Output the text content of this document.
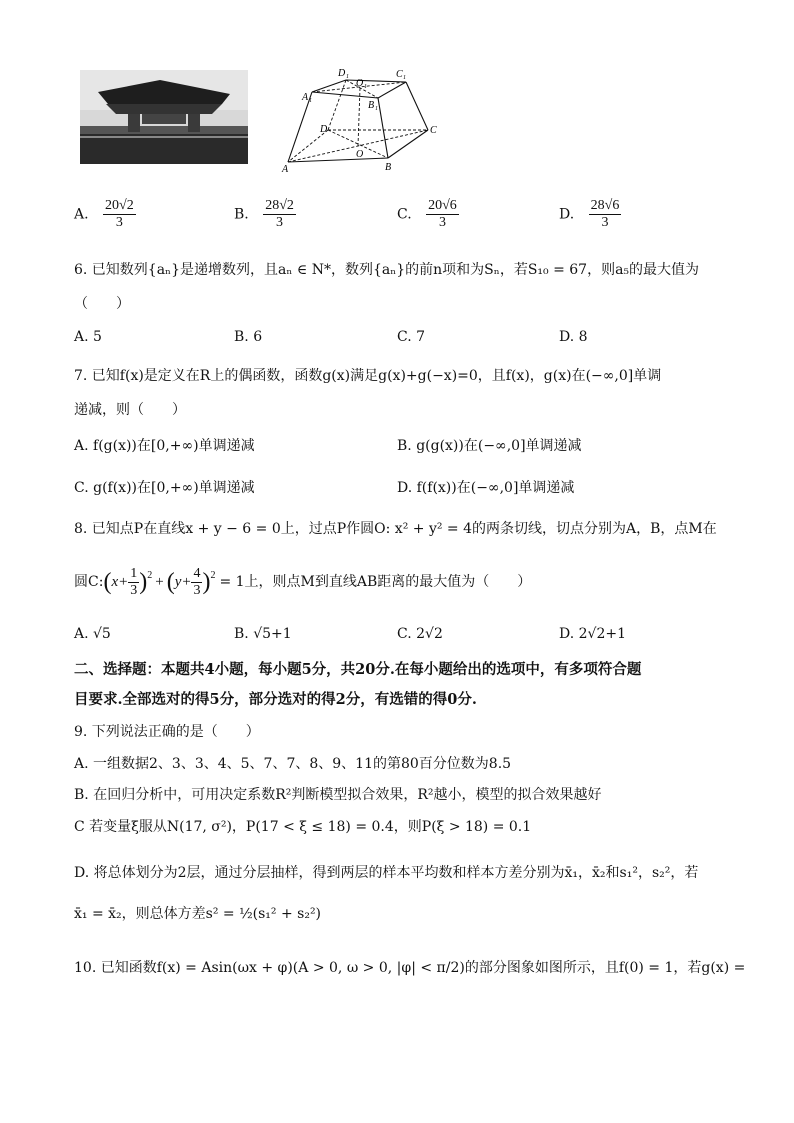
A 1
D 1
O 1
C 1
B 1
D	C
O
A	B
A. $\frac{20√2}{3}$	B. $\frac{28√2}{3}$	C. $\frac{20√6}{3}$	D. $\frac{28√6}{3}$
6. 已知数列{aₙ}是递增数列，且aₙ ∈ N*，数列{aₙ}的前n项和为Sₙ，若S₁₀ = 67，则a₅的最大值为
（　　）
A. 5	B. 6	C. 7	D. 8
7. 已知f(x)是定义在R上的偶函数，函数g(x)满足g(x)+g(−x)=0，且f(x)，g(x)在(−∞,0]单调
递减，则（　　）
A. f(g(x))在[0,+∞)单调递减	B. g(g(x))在(−∞,0]单调递减
C. g(f(x))在[0,+∞)单调递减	D. f(f(x))在(−∞,0]单调递减
8. 已知点P在直线x + y − 6 = 0上，过点P作圆O: x² + y² = 4的两条切线，切点分别为A，B，点M在
圆C: ( $x+ \frac{1}{3} )^2$ + ( $y+ \frac{4}{3} )^2 = 1$上，则点M到直线AB距离的最大值为（　　）
A. √5	B. √5+1	C. 2√2	D. 2√2+1
二、选择题：本题共4小题，每小题5分，共20分.在每小题给出的选项中，有多项符合题
目要求.全部选对的得5分，部分选对的得2分，有选错的得0分.
9. 下列说法正确的是（　　）
A. 一组数据2、3、3、4、5、7、7、8、9、11的第80百分位数为8.5
B. 在回归分析中，可用决定系数R²判断模型拟合效果，R²越小，模型的拟合效果越好
C 若变量ξ服从N(17, σ²)，P(17 < ξ ≤ 18) = 0.4，则P(ξ > 18) = 0.1
D. 将总体划分为2层，通过分层抽样，得到两层的样本平均数和样本方差分别为x̄₁，x̄₂和s₁²，s₂²，若
x̄₁ = x̄₂，则总体方差s² = ½(s₁² + s₂²)
10. 已知函数f(x) = Asin(ωx + φ)(A > 0, ω > 0, |φ| < π/2)的部分图象如图所示，且f(0) = 1，若g(x) =
